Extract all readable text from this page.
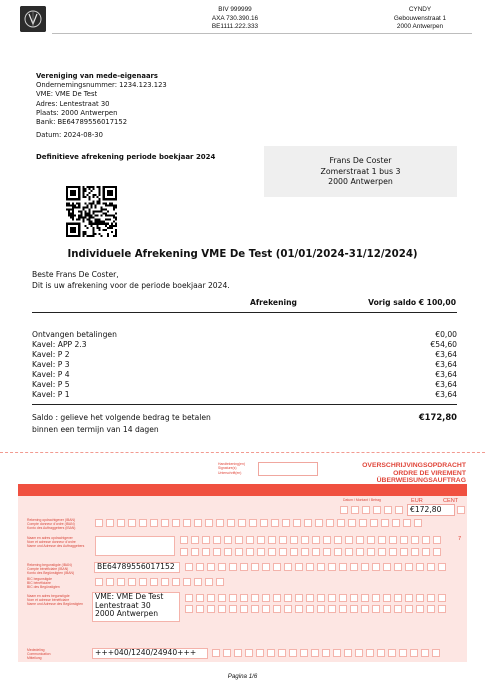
BIV 999999
AXA 730.390.16
BE1111.222.333
CYNDY
Gebouwenstraat 1
2000 Antwerpen
Vereniging van mede-eigenaars
Ondernemingsnummer: 1234.123.123
VME: VME De Test
Adres: Lentestraat 30
Plaats: 2000 Antwerpen
Bank: BE64789556017152
Datum: 2024-08-30
Definitieve afrekening periode boekjaar 2024	Frans De Coster
Zomerstraat 1 bus 3
2000 Antwerpen
Individuele Afrekening VME De Test (01/01/2024-31/12/2024)
Beste Frans De Coster,
Dit is uw afrekening voor de periode boekjaar 2024.
Afrekening	Vorig saldo € 100,00
Ontvangen betalingen	€0,00
Kavel: APP 2.3	€54,60
Kavel: P 2	€3,64
Kavel: P 3	€3,64
Kavel: P 4	€3,64
Kavel: P 5	€3,64
Kavel: P 1	€3,64
Saldo : gelieve het volgende bedrag te betalen
binnen een termijn van 14 dagen
€172,80
Handtekening(en)
Signature(s)
Unterschrift(en)
OVERSCHRIJVINGSOPDRACHT
ORDRE DE VIREMENT
ÜBERWEISUNGSAUFTRAG
Datum / Montant / Betrag	EUR	CENT
€172,80
Rekening opdrachtgever (IBAN)
Compte donneur d'ordre (IBAN)
Konto des Auftraggebers (IBAN)
Naam en adres opdrachtgever
Nom et adresse donneur d'ordre
Name und Adresse des Auftraggebers
7
Rekening begunstigde (IBAN)
Compte bénéficiaire (IBAN)
Konto des Begünstigten (IBAN)
BE64789556017152
BIC begunstigde
BIC bénéficiaire
BIC des Begünstigten
Naam en adres begunstigde
Nom et adresse bénéficiaire
Name und Adresse des Begünstigten
VME: VME De Test
Lentestraat 30
2000 Antwerpen
Mededeling
Communication
Mitteilung
+++040/1240/24940+++
Pagina 1/6
